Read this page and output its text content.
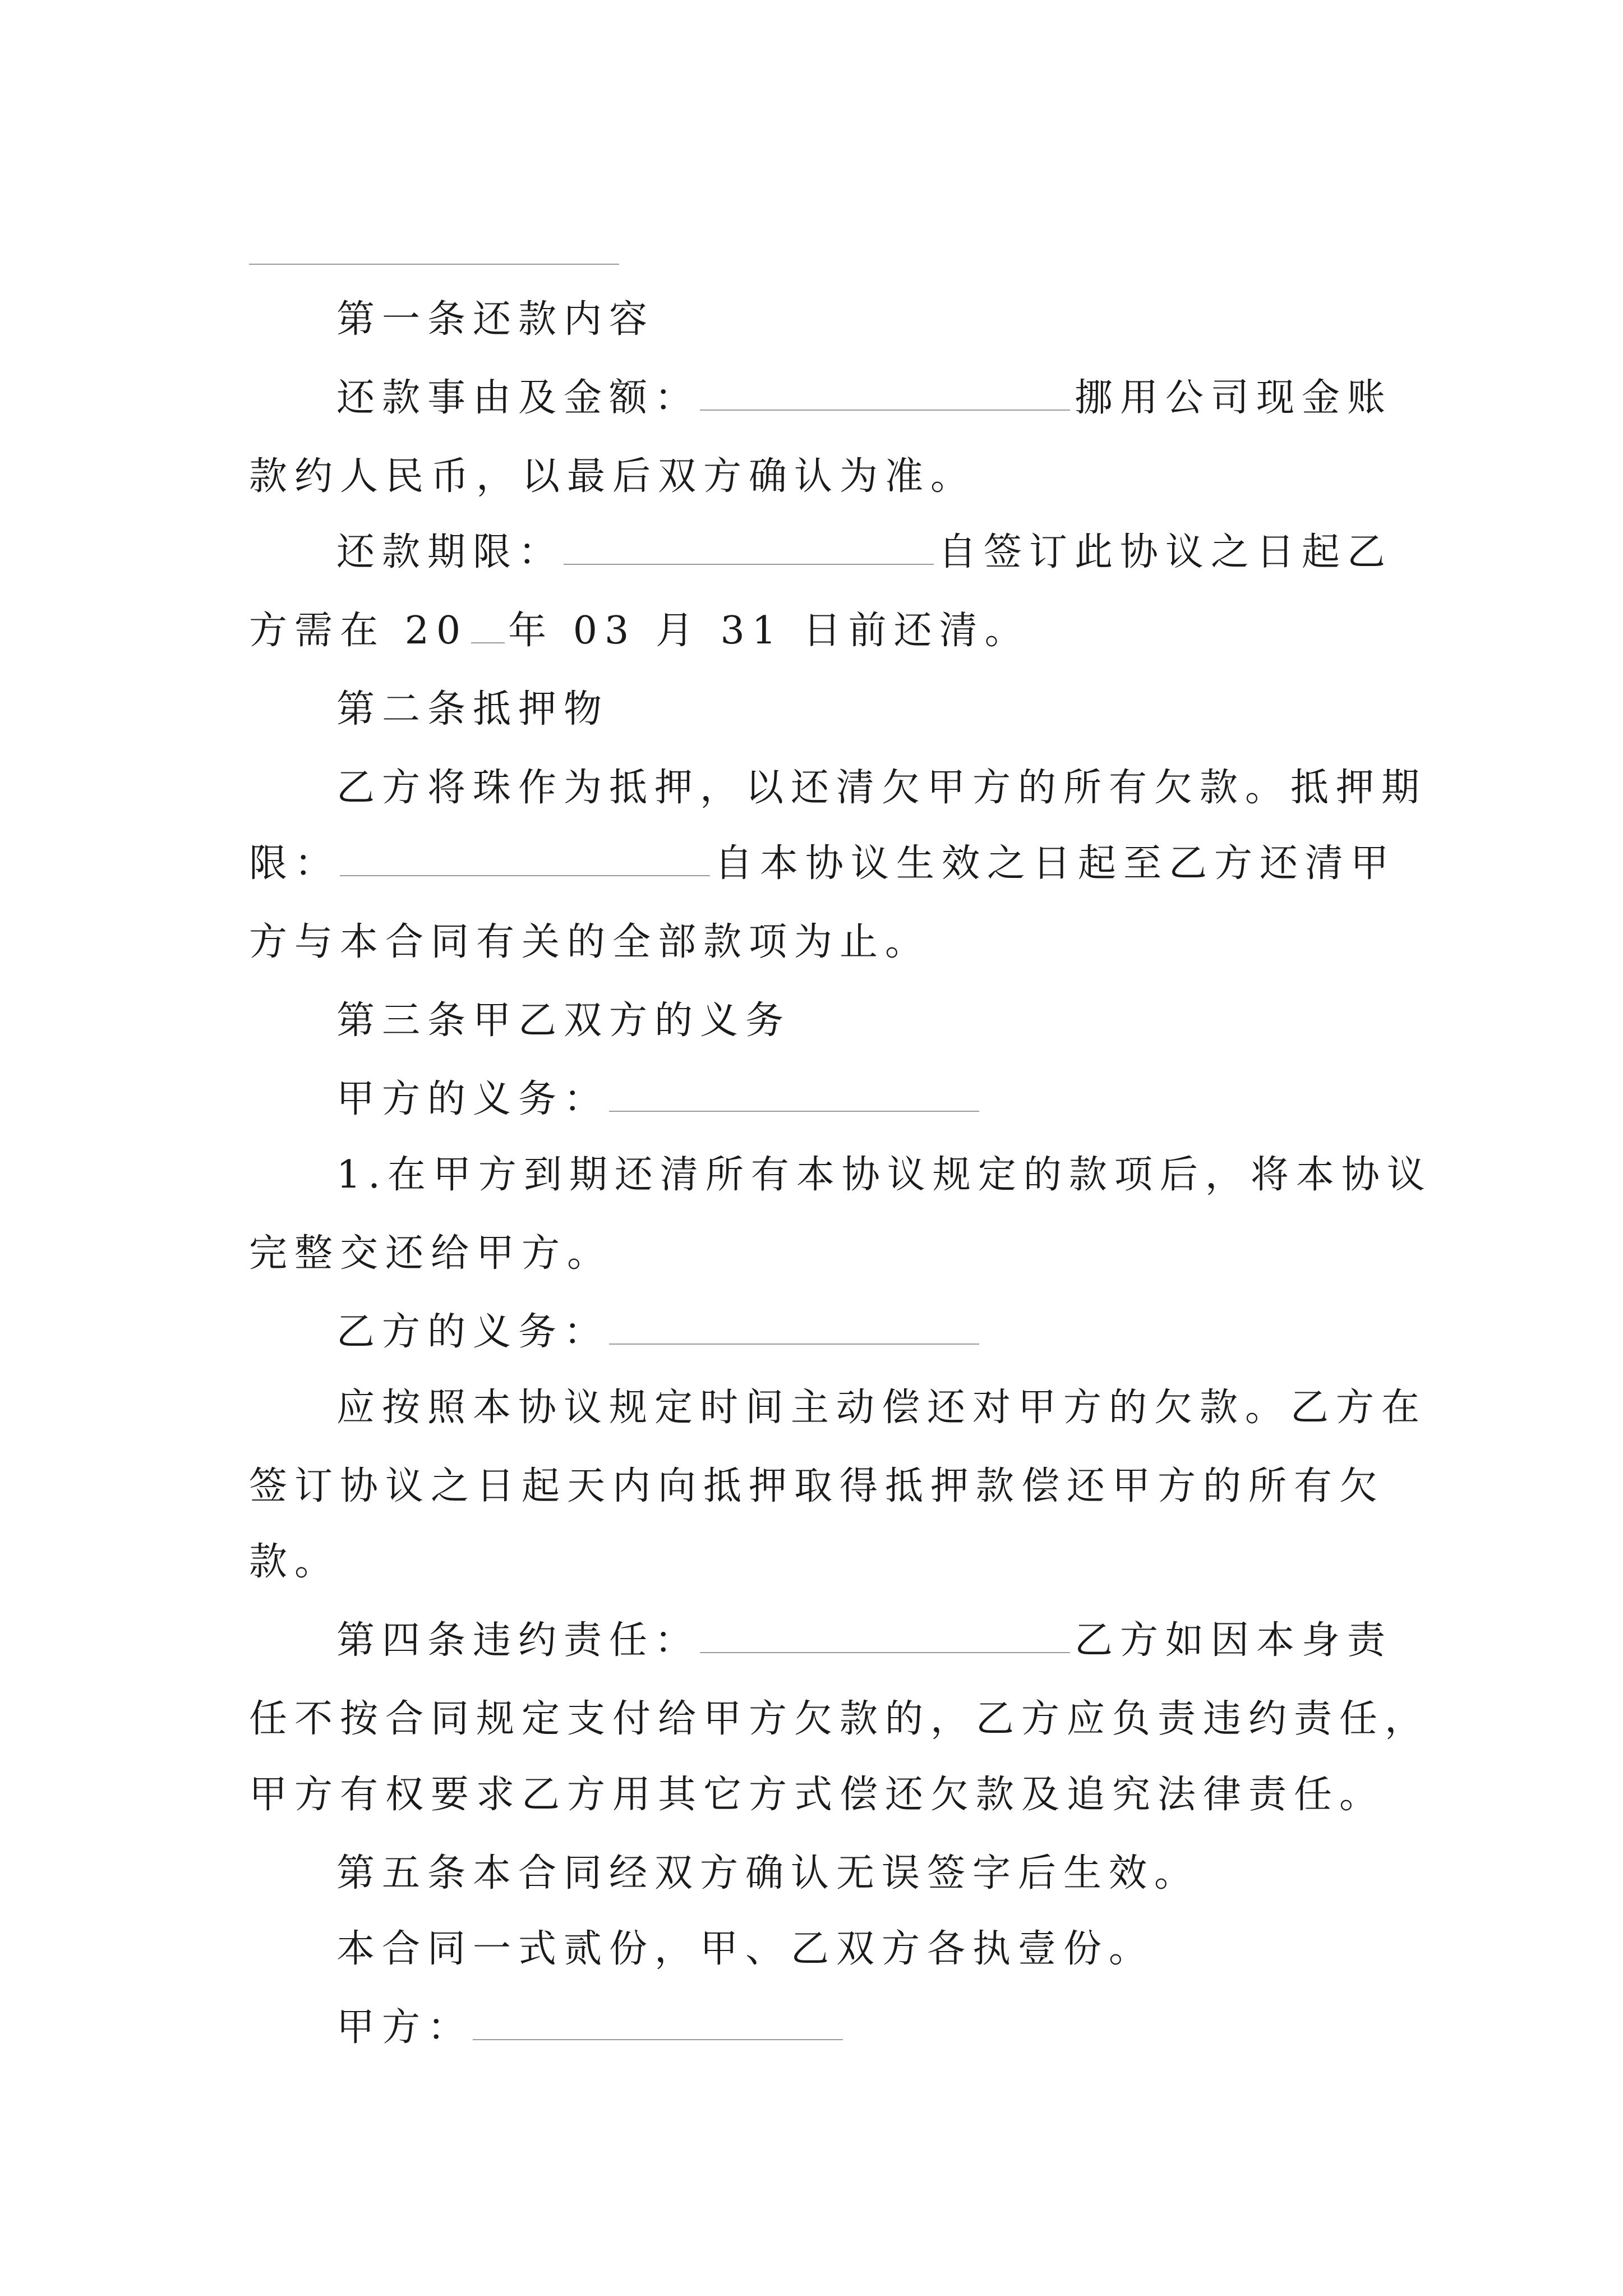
第一条还款内容

还款事由及金额：	挪用公司现金账

款约人民币，以最后双方确认为准。

还款期限：	自签订此协议之日起乙

方需在 20 年 03 月 31 日前还清。

第二条抵押物

乙方将珠作为抵押，以还清欠甲方的所有欠款。抵押期

限：	自本协议生效之日起至乙方还清甲

方与本合同有关的全部款项为止。

第三条甲乙双方的义务

甲方的义务：

1.在甲方到期还清所有本协议规定的款项后，将本协议

完整交还给甲方。

乙方的义务：

应按照本协议规定时间主动偿还对甲方的欠款。乙方在

签订协议之日起天内向抵押取得抵押款偿还甲方的所有欠

款。

第四条违约责任：	乙方如因本身责

任不按合同规定支付给甲方欠款的，乙方应负责违约责任，

甲方有权要求乙方用其它方式偿还欠款及追究法律责任。

第五条本合同经双方确认无误签字后生效。

本合同一式贰份，甲、乙双方各执壹份。

甲方：
